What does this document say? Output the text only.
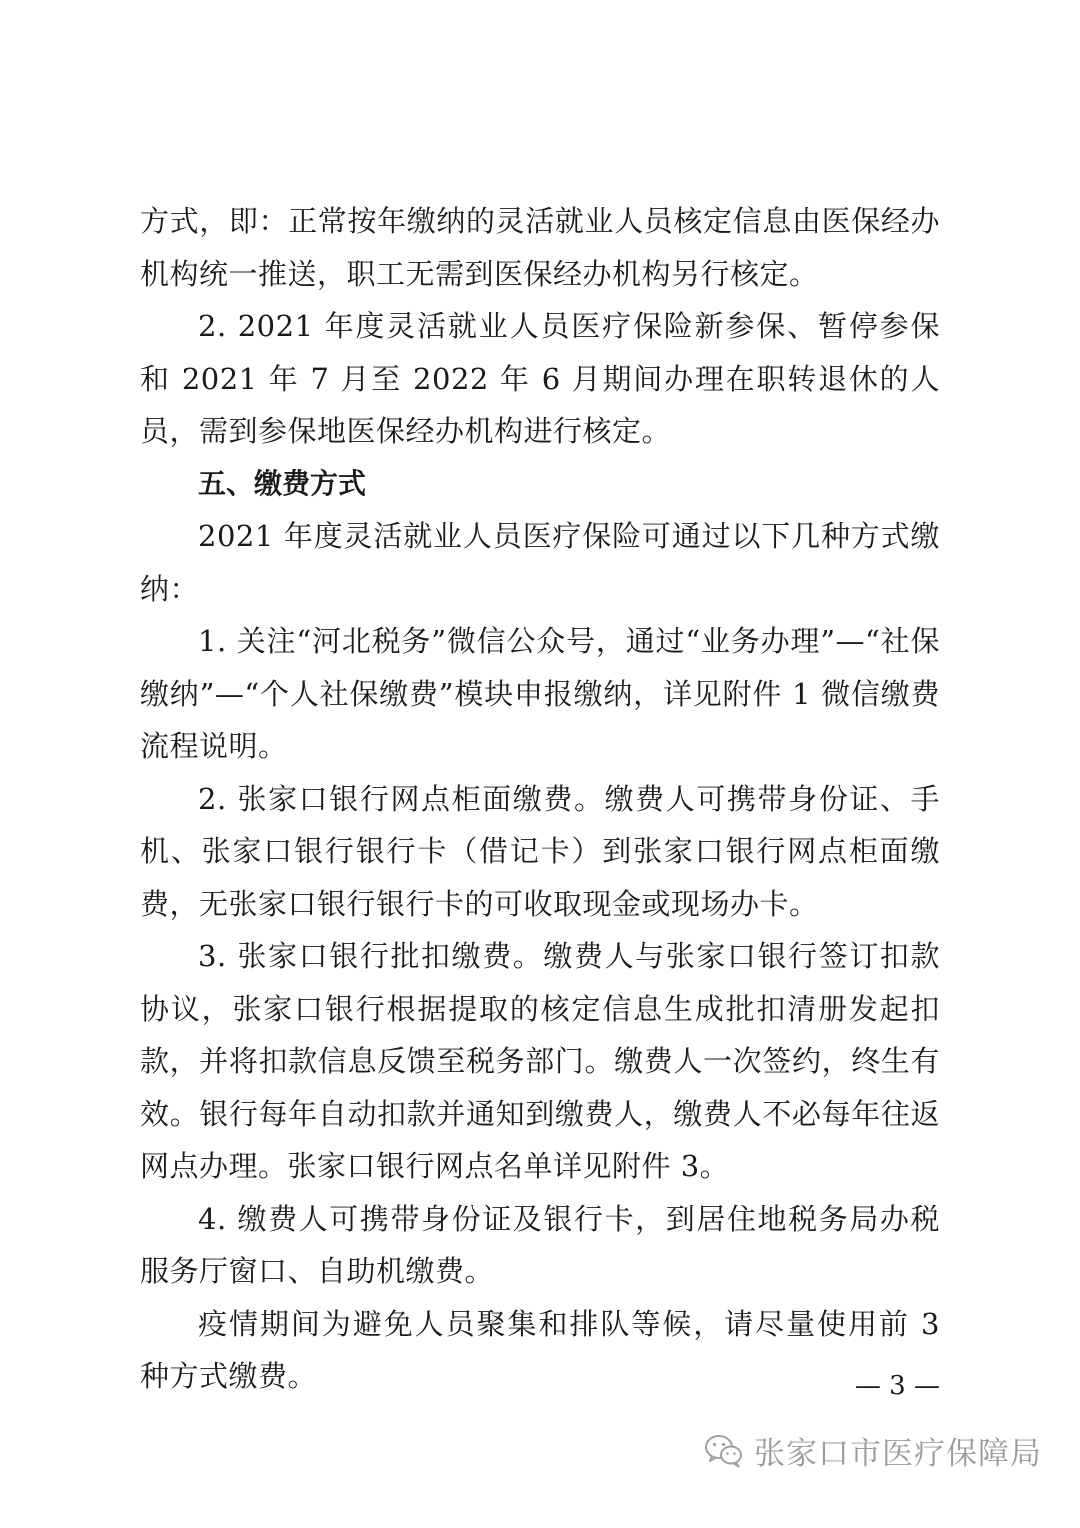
方式，即：正常按年缴纳的灵活就业人员核定信息由医保经办机构统一推送，职工无需到医保经办机构另行核定。

2. 2021 年度灵活就业人员医疗保险新参保、暂停参保和 2021 年 7 月至 2022 年 6 月期间办理在职转退休的人员，需到参保地医保经办机构进行核定。

五、缴费方式

2021 年度灵活就业人员医疗保险可通过以下几种方式缴纳：

1. 关注“河北税务”微信公众号，通过“业务办理”—“社保缴纳”—“个人社保缴费”模块申报缴纳，详见附件 1 微信缴费流程说明。

2. 张家口银行网点柜面缴费。缴费人可携带身份证、手机、张家口银行银行卡（借记卡）到张家口银行网点柜面缴费，无张家口银行银行卡的可收取现金或现场办卡。

3. 张家口银行批扣缴费。缴费人与张家口银行签订扣款协议，张家口银行根据提取的核定信息生成批扣清册发起扣款，并将扣款信息反馈至税务部门。缴费人一次签约，终生有效。银行每年自动扣款并通知到缴费人，缴费人不必每年往返网点办理。张家口银行网点名单详见附件 3。

4. 缴费人可携带身份证及银行卡，到居住地税务局办税服务厅窗口、自助机缴费。

疫情期间为避免人员聚集和排队等候，请尽量使用前 3 种方式缴费。	— 3 —
张家口市医疗保障局
